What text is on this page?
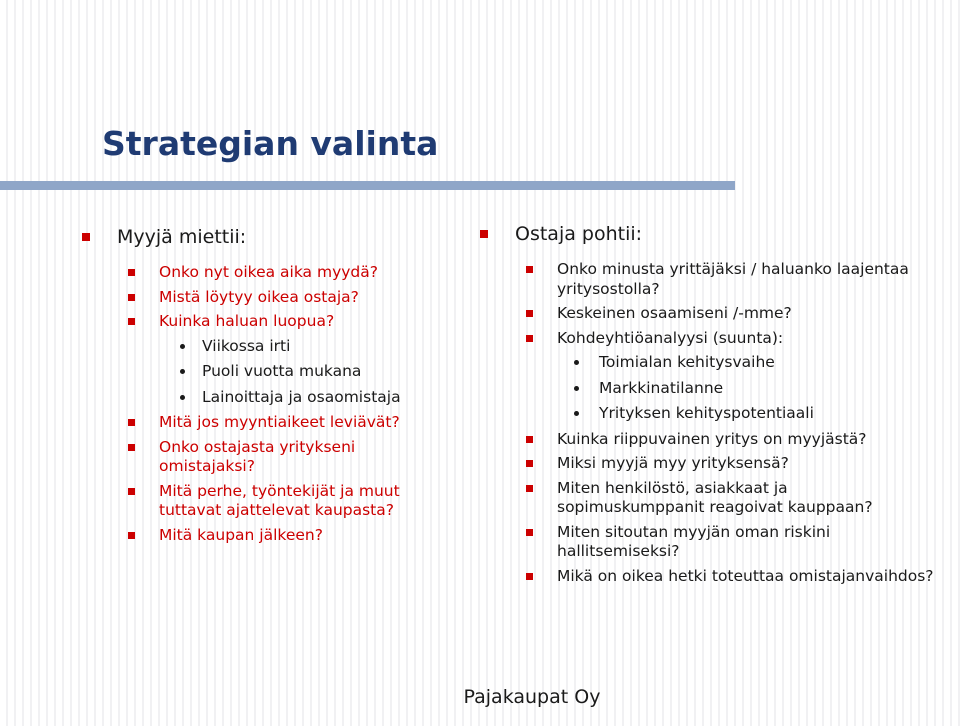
Strategian valinta
Myyjä miettii:
Onko nyt oikea aika myydä?
Mistä löytyy oikea ostaja?
Kuinka haluan luopua?
Viikossa irti
Puoli vuotta mukana
Lainoittaja ja osaomistaja
Mitä jos myyntiaikeet leviävät?
Onko ostajasta yritykseni omistajaksi?
Mitä perhe, työntekijät ja muut tuttavat ajattelevat kaupasta?
Mitä kaupan jälkeen?
Ostaja pohtii:
Onko minusta yrittäjäksi / haluanko laajentaa yritysostolla?
Keskeinen osaamiseni /-mme?
Kohdeyhtiöanalyysi (suunta):
Toimialan kehitysvaihe
Markkinatilanne
Yrityksen kehityspotentiaali
Kuinka riippuvainen yritys on myyjästä?
Miksi myyjä myy yrityksensä?
Miten henkilöstö, asiakkaat ja sopimuskumppanit reagoivat kauppaan?
Miten sitoutan myyjän oman riskini hallitsemiseksi?
Mikä on oikea hetki toteuttaa omistajanvaihdos?
Pajakaupat Oy
